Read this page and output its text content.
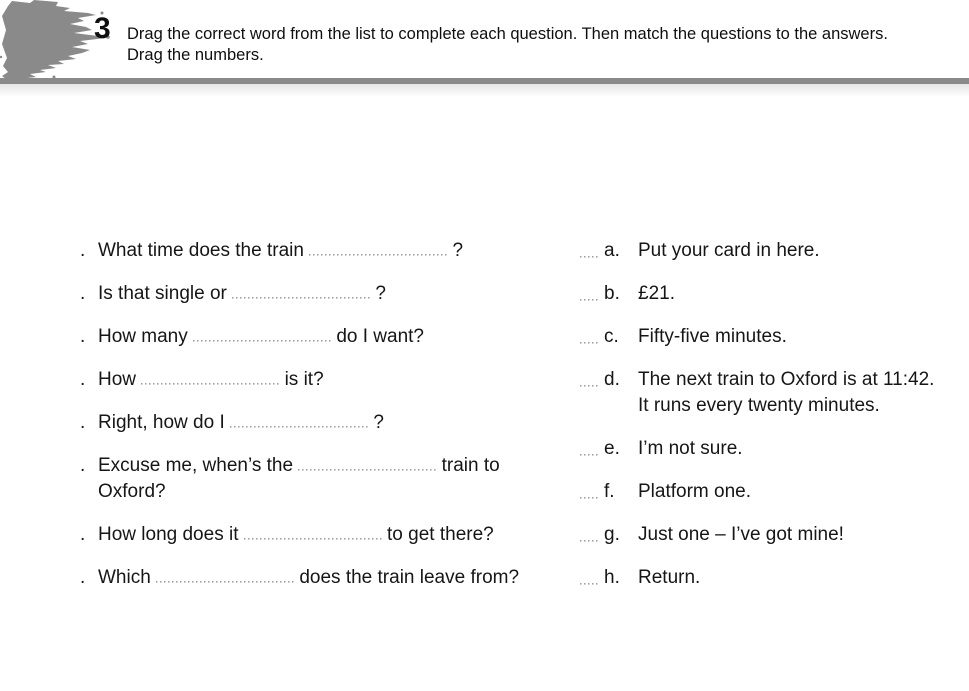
3 Drag the correct word from the list to complete each question. Then match the questions to the answers.
Drag the numbers.
. What time does the train	?
. Is that single or	?
. How many	do I want?
. How	is it?
. Right, how do I	?
. Excuse me, when’s the	train to
Oxford?
. How long does it	to get there?
. Which	does the train leave from?
a. Put your card in here.
b. £21.
c.	Fifty-five minutes.
d. The next train to Oxford is at 11:42.
It runs every twenty minutes.
e. I’m not sure.
f.	Platform one.
g. Just one – I’ve got mine!
h. Return.
